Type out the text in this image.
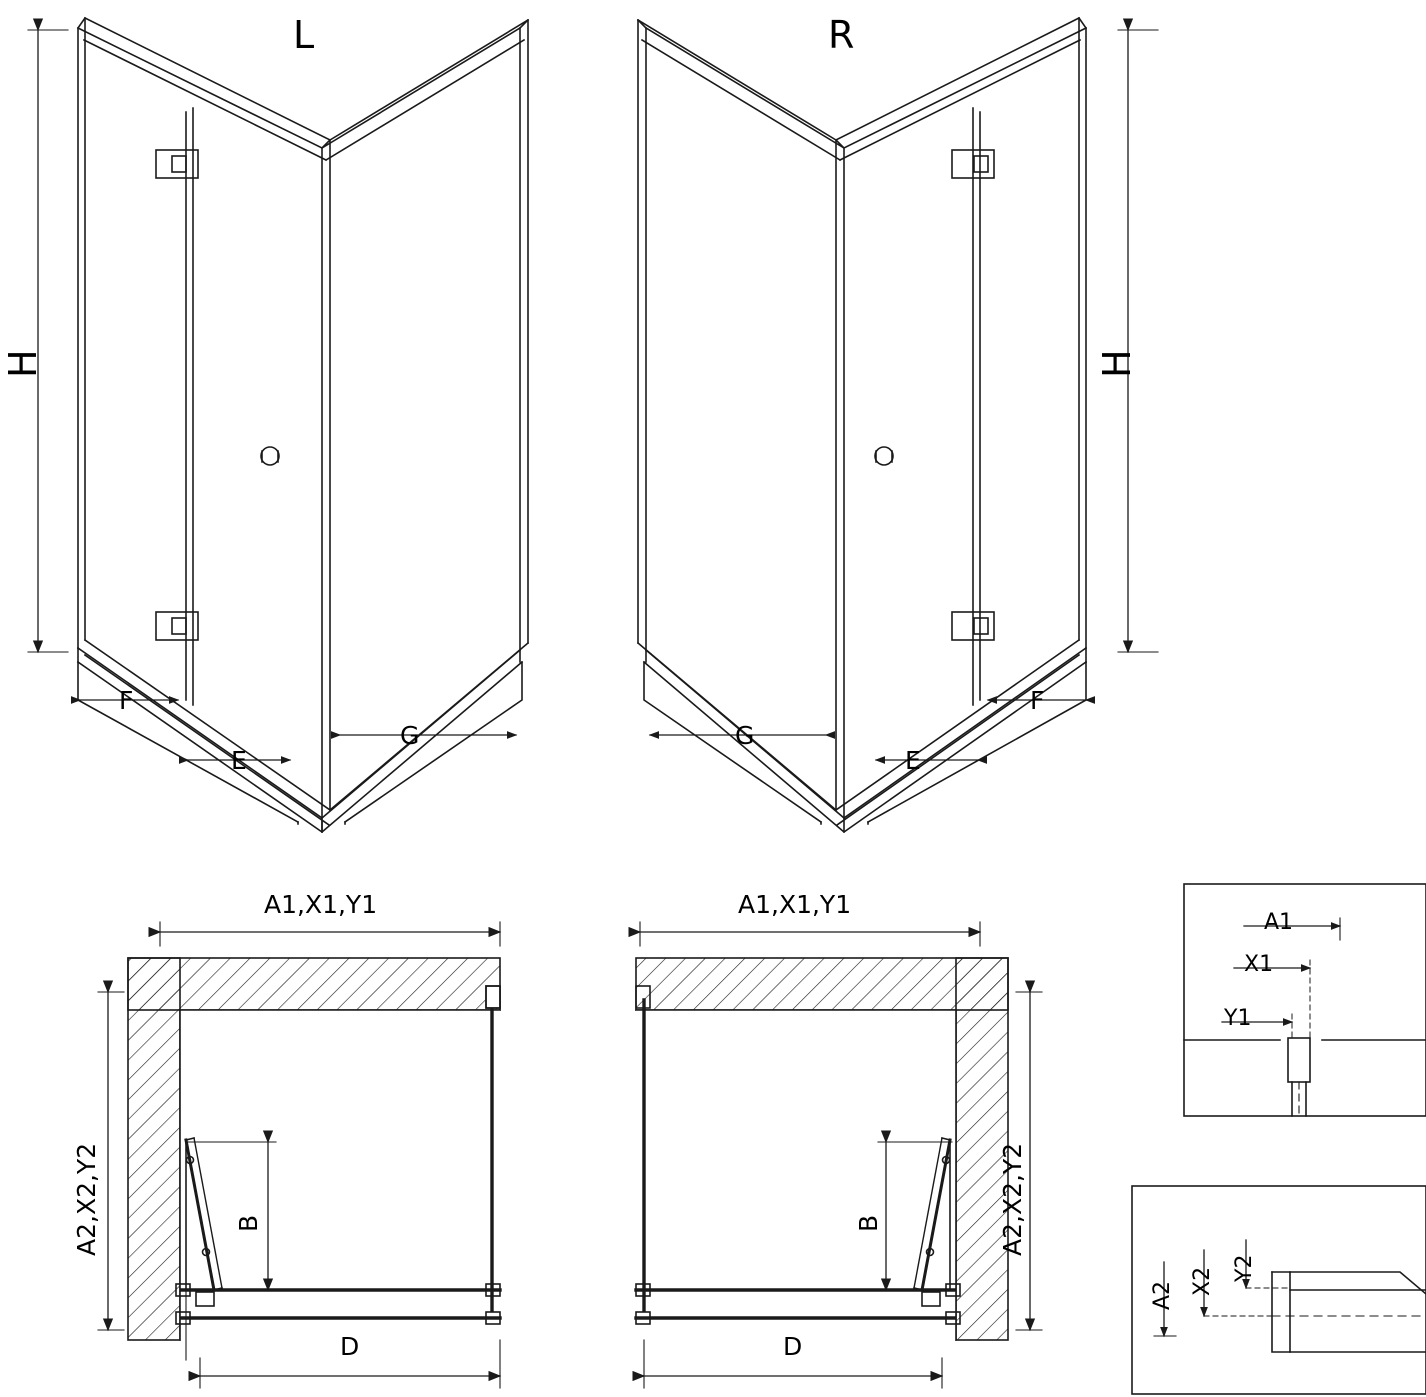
L	R
H	H
F
E
G	G
E
F
A1,X1,Y1	A1,X1,Y1
A2,X2,Y2	A2,X2,Y2
B	B
D	D
A1
X1
Y1
A2 X2 Y2
